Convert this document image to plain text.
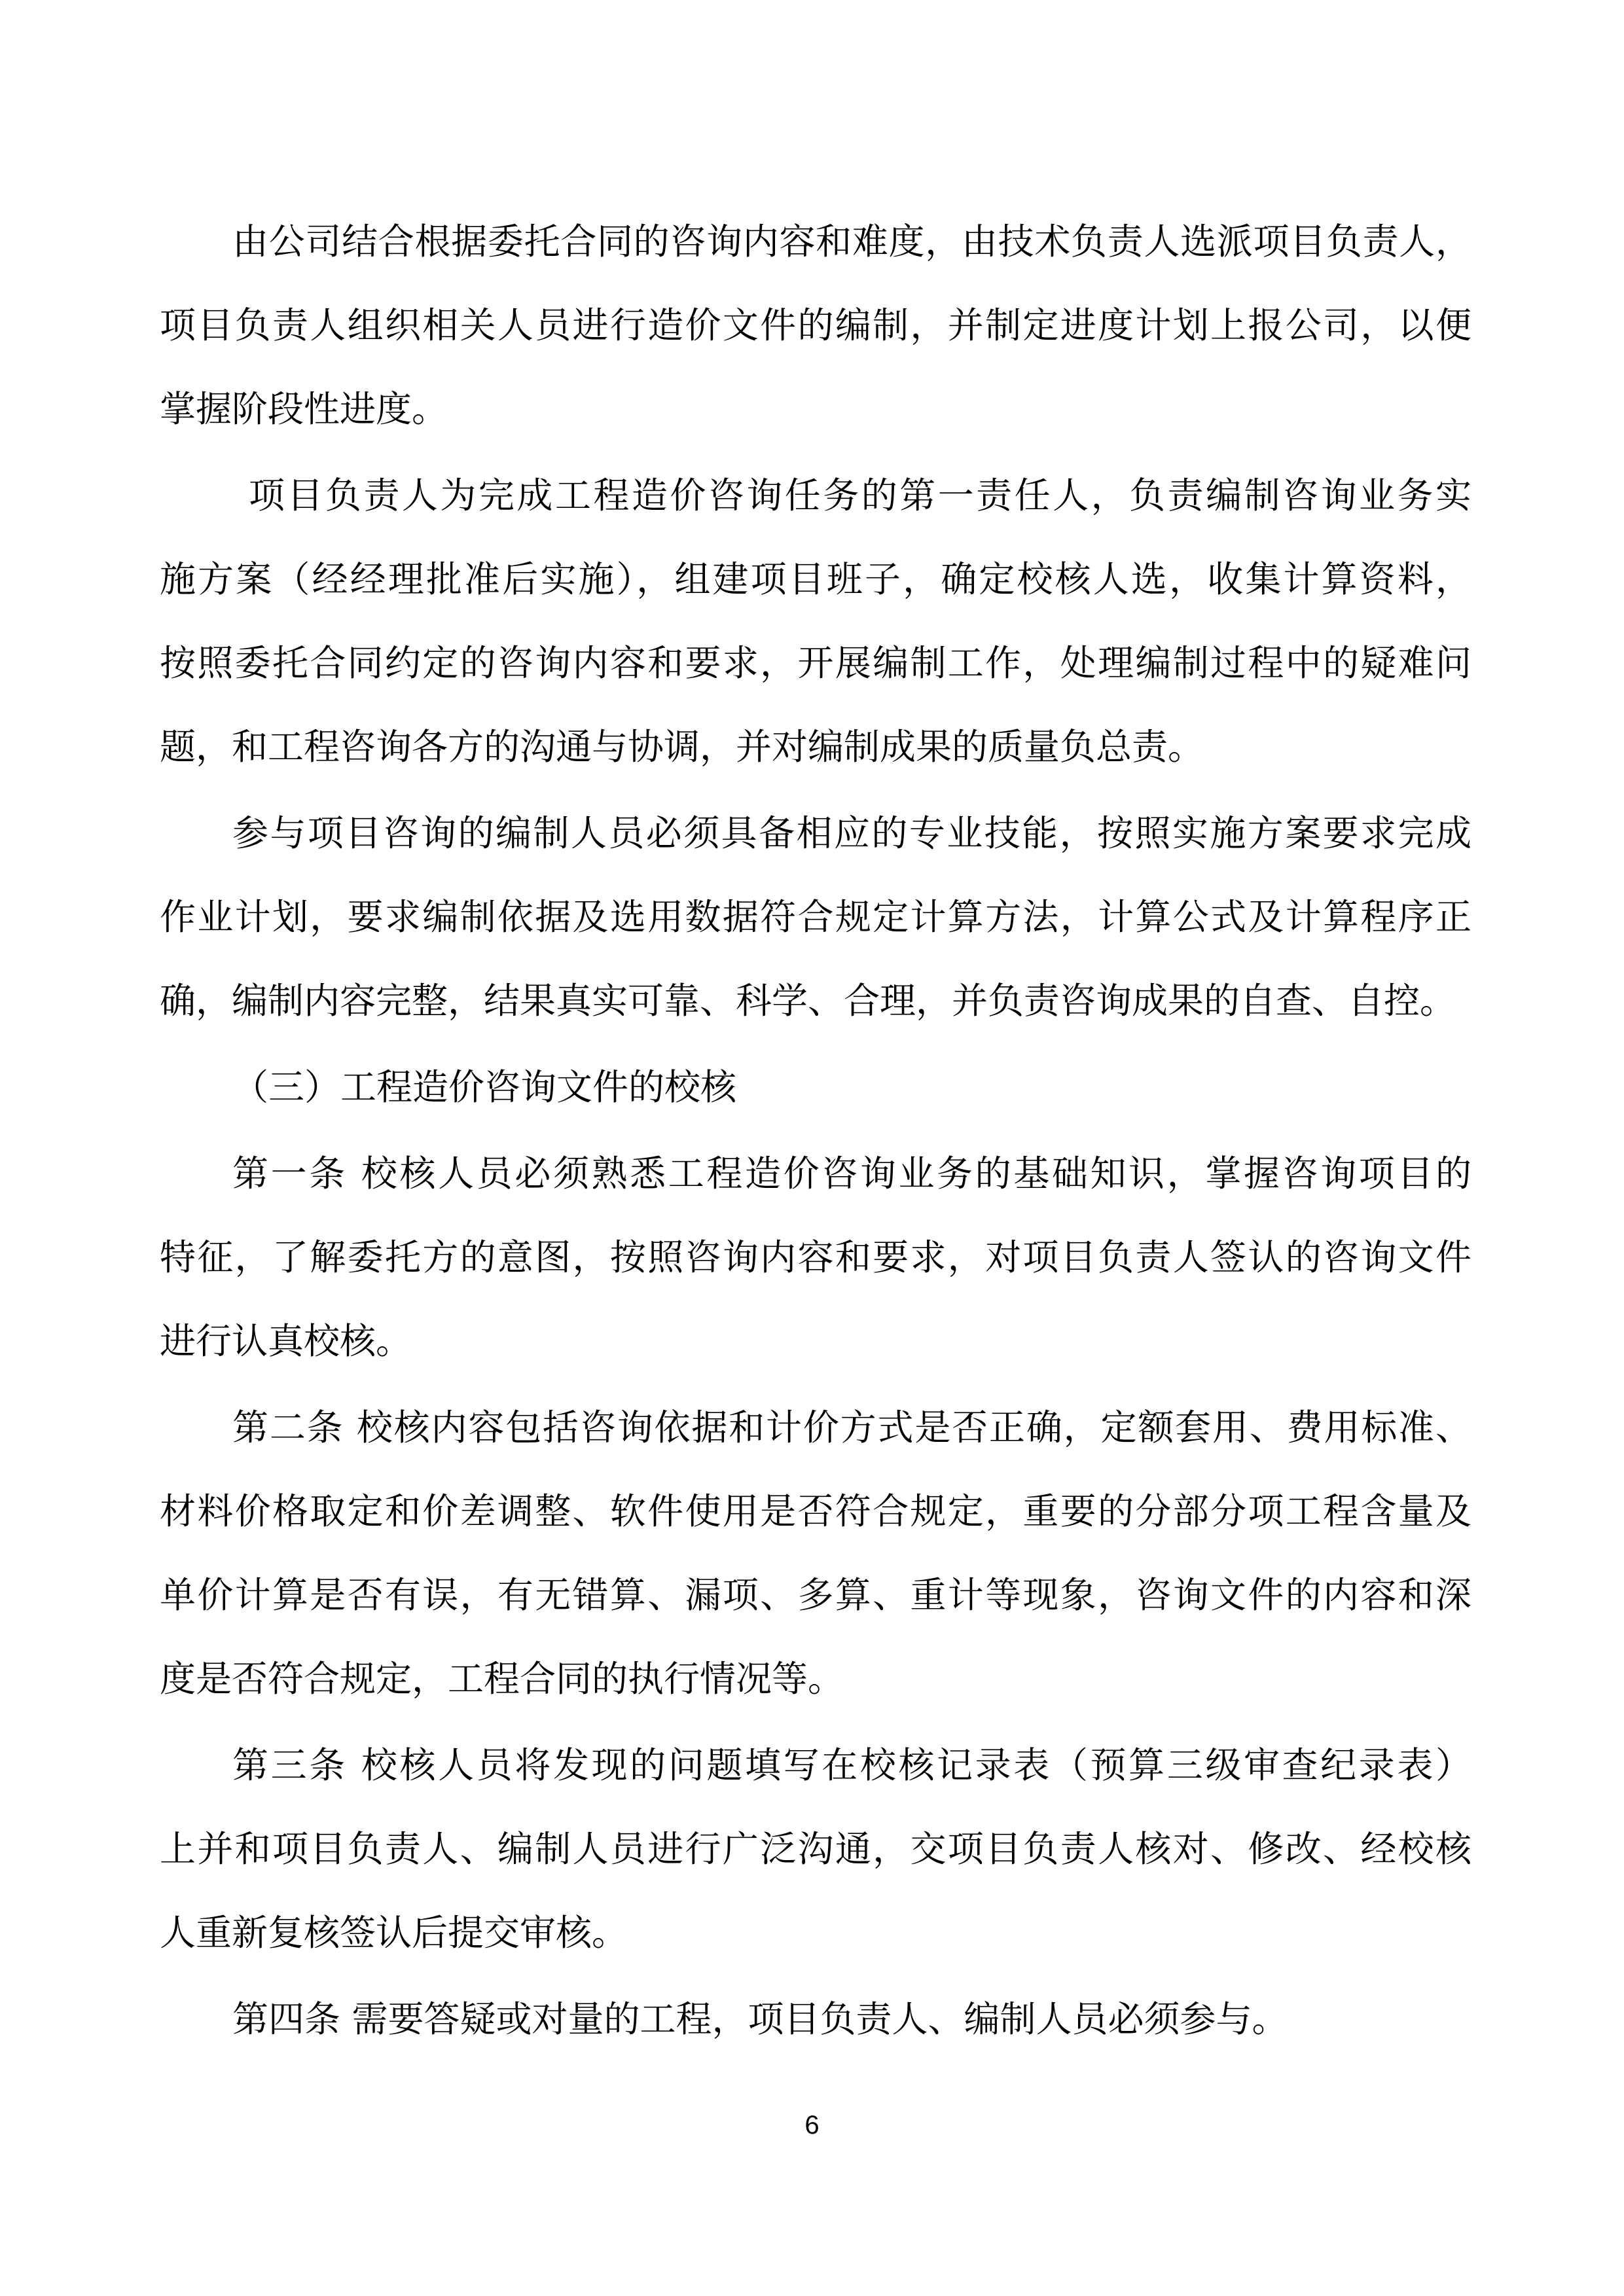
由公司结合根据委托合同的咨询内容和难度，由技术负责人选派项目负责人，
项目负责人组织相关人员进行造价文件的编制，并制定进度计划上报公司，以便
掌握阶段性进度。
项目负责人为完成工程造价咨询任务的第一责任人，负责编制咨询业务实
施方案（经经理批准后实施），组建项目班子，确定校核人选，收集计算资料，
按照委托合同约定的咨询内容和要求，开展编制工作，处理编制过程中的疑难问
题，和工程咨询各方的沟通与协调，并对编制成果的质量负总责。
参与项目咨询的编制人员必须具备相应的专业技能，按照实施方案要求完成
作业计划，要求编制依据及选用数据符合规定计算方法，计算公式及计算程序正
确，编制内容完整，结果真实可靠、科学、合理，并负责咨询成果的自查、自控。
（三）工程造价咨询文件的校核
第一条 校核人员必须熟悉工程造价咨询业务的基础知识，掌握咨询项目的
特征，了解委托方的意图，按照咨询内容和要求，对项目负责人签认的咨询文件
进行认真校核。
第二条 校核内容包括咨询依据和计价方式是否正确，定额套用、费用标准、
材料价格取定和价差调整、软件使用是否符合规定，重要的分部分项工程含量及
单价计算是否有误，有无错算、漏项、多算、重计等现象，咨询文件的内容和深
度是否符合规定，工程合同的执行情况等。
第三条 校核人员将发现的问题填写在校核记录表（预算三级审查纪录表）
上并和项目负责人、编制人员进行广泛沟通，交项目负责人核对、修改、经校核
人重新复核签认后提交审核。
第四条 需要答疑或对量的工程，项目负责人、编制人员必须参与。
6
